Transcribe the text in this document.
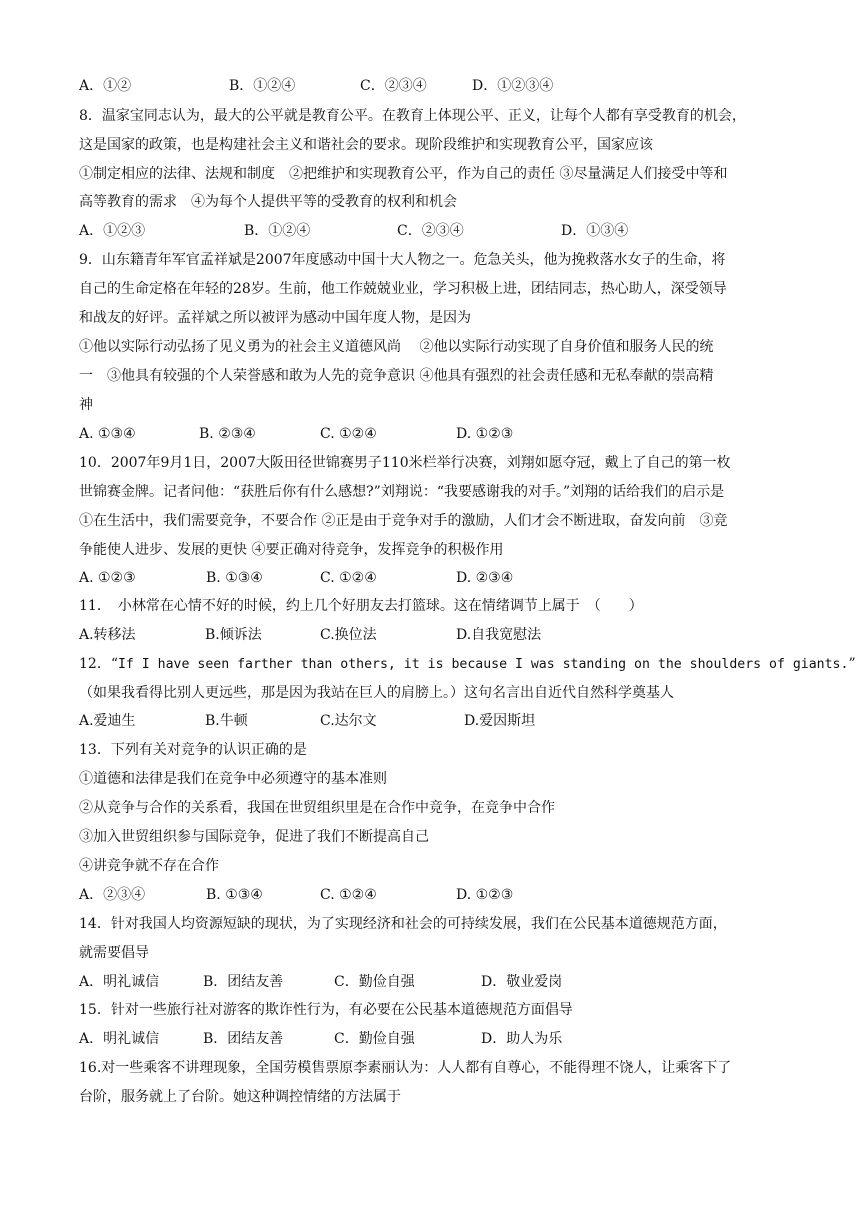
A．①②	B．①②④	C．②③④	D．①②③④
8．温家宝同志认为，最大的公平就是教育公平。在教育上体现公平、正义，让每个人都有享受教育的机会，
这是国家的政策，也是构建社会主义和谐社会的要求。现阶段维护和实现教育公平，国家应该
①制定相应的法律、法规和制度　②把维护和实现教育公平，作为自己的责任 ③尽量满足人们接受中等和
高等教育的需求　④为每个人提供平等的受教育的权利和机会
A．①②③	B．①②④	C．②③④	D．①③④
9．山东籍青年军官孟祥斌是2007年度感动中国十大人物之一。危急关头，他为挽救落水女子的生命，将
自己的生命定格在年轻的28岁。生前，他工作兢兢业业，学习积极上进，团结同志，热心助人，深受领导
和战友的好评。孟祥斌之所以被评为感动中国年度人物，是因为
①他以实际行动弘扬了见义勇为的社会主义道德风尚　 ②他以实际行动实现了自身价值和服务人民的统
一　③他具有较强的个人荣誉感和敢为人先的竞争意识 ④他具有强烈的社会责任感和无私奉献的崇高精
神
A. ①③④	B. ②③④	C. ①②④	D. ①②③
10．2007年9月1日，2007大阪田径世锦赛男子110米栏举行决赛，刘翔如愿夺冠，戴上了自己的第一枚
世锦赛金牌。记者问他：“获胜后你有什么感想?”刘翔说：“我要感谢我的对手。”刘翔的话给我们的启示是
①在生活中，我们需要竞争，不要合作 ②正是由于竞争对手的激励，人们才会不断进取，奋发向前　③竞
争能使人进步、发展的更快 ④要正确对待竞争，发挥竞争的积极作用
A. ①②③	B. ①③④	C. ①②④	D. ②③④
11．　小林常在心情不好的时候，约上几个好朋友去打篮球。这在情绪调节上属于　（　　）
A.转移法	B.倾诉法	C.换位法	D.自我宽慰法
12．“If I have seen farther than others, it is because I was standing on the shoulders of giants.”
（如果我看得比别人更远些，那是因为我站在巨人的肩膀上。）这句名言出自近代自然科学奠基人
A.爱迪生	B.牛顿	C.达尔文	D.爱因斯坦
13．下列有关对竞争的认识正确的是
①道德和法律是我们在竞争中必须遵守的基本准则
②从竞争与合作的关系看，我国在世贸组织里是在合作中竞争，在竞争中合作
③加入世贸组织参与国际竞争，促进了我们不断提高自己
④讲竞争就不存在合作
A．②③④	B. ①③④	C. ①②④	D. ①②③
14．针对我国人均资源短缺的现状，为了实现经济和社会的可持续发展，我们在公民基本道德规范方面，
就需要倡导
A．明礼诚信	B．团结友善	C．勤俭自强	D．敬业爱岗
15．针对一些旅行社对游客的欺诈性行为，有必要在公民基本道德规范方面倡导
A．明礼诚信	B．团结友善	C．勤俭自强	D．助人为乐
16.对一些乘客不讲理现象，全国劳模售票原李素丽认为：人人都有自尊心，不能得理不饶人，让乘客下了
台阶，服务就上了台阶。她这种调控情绪的方法属于
